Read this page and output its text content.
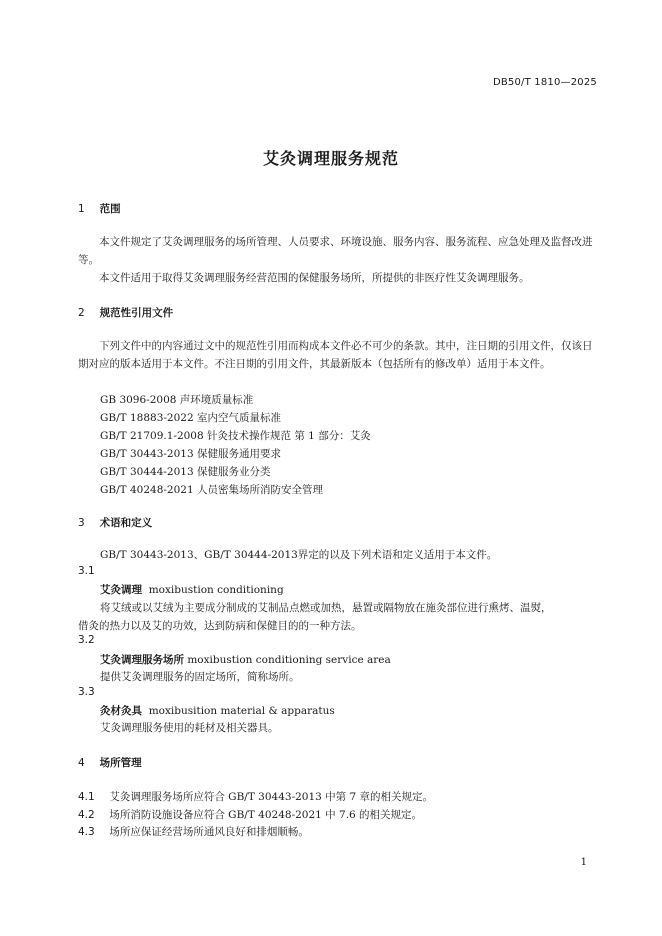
DB50/T 1810—2025
艾灸调理服务规范
1 范围
本文件规定了艾灸调理服务的场所管理、人员要求、环境设施、服务内容、服务流程、应急处理及监督改进等。
本文件适用于取得艾灸调理服务经营范围的保健服务场所，所提供的非医疗性艾灸调理服务。
2 规范性引用文件
下列文件中的内容通过文中的规范性引用而构成本文件必不可少的条款。其中，注日期的引用文件，仅该日期对应的版本适用于本文件。不注日期的引用文件，其最新版本（包括所有的修改单）适用于本文件。
GB 3096-2008 声环境质量标准
GB/T 18883-2022 室内空气质量标准
GB/T 21709.1-2008 针灸技术操作规范 第 1 部分：艾灸
GB/T 30443-2013 保健服务通用要求
GB/T 30444-2013 保健服务业分类
GB/T 40248-2021 人员密集场所消防安全管理
3 术语和定义
GB/T 30443-2013、GB/T 30444-2013界定的以及下列术语和定义适用于本文件。
3.1
艾灸调理 moxibustion conditioning
将艾绒或以艾绒为主要成分制成的艾制品点燃或加热，悬置或隔物放在施灸部位进行熏烤、温熨，
借灸的热力以及艾的功效，达到防病和保健目的的一种方法。
3.2
艾灸调理服务场所 moxibustion conditioning service area
提供艾灸调理服务的固定场所，简称场所。
3.3
灸材灸具 moxibusition material & apparatus
艾灸调理服务使用的耗材及相关器具。
4 场所管理
4.1 艾灸调理服务场所应符合 GB/T 30443-2013 中第 7 章的相关规定。
4.2 场所消防设施设备应符合 GB/T 40248-2021 中 7.6 的相关规定。
4.3 场所应保证经营场所通风良好和排烟顺畅。
1
